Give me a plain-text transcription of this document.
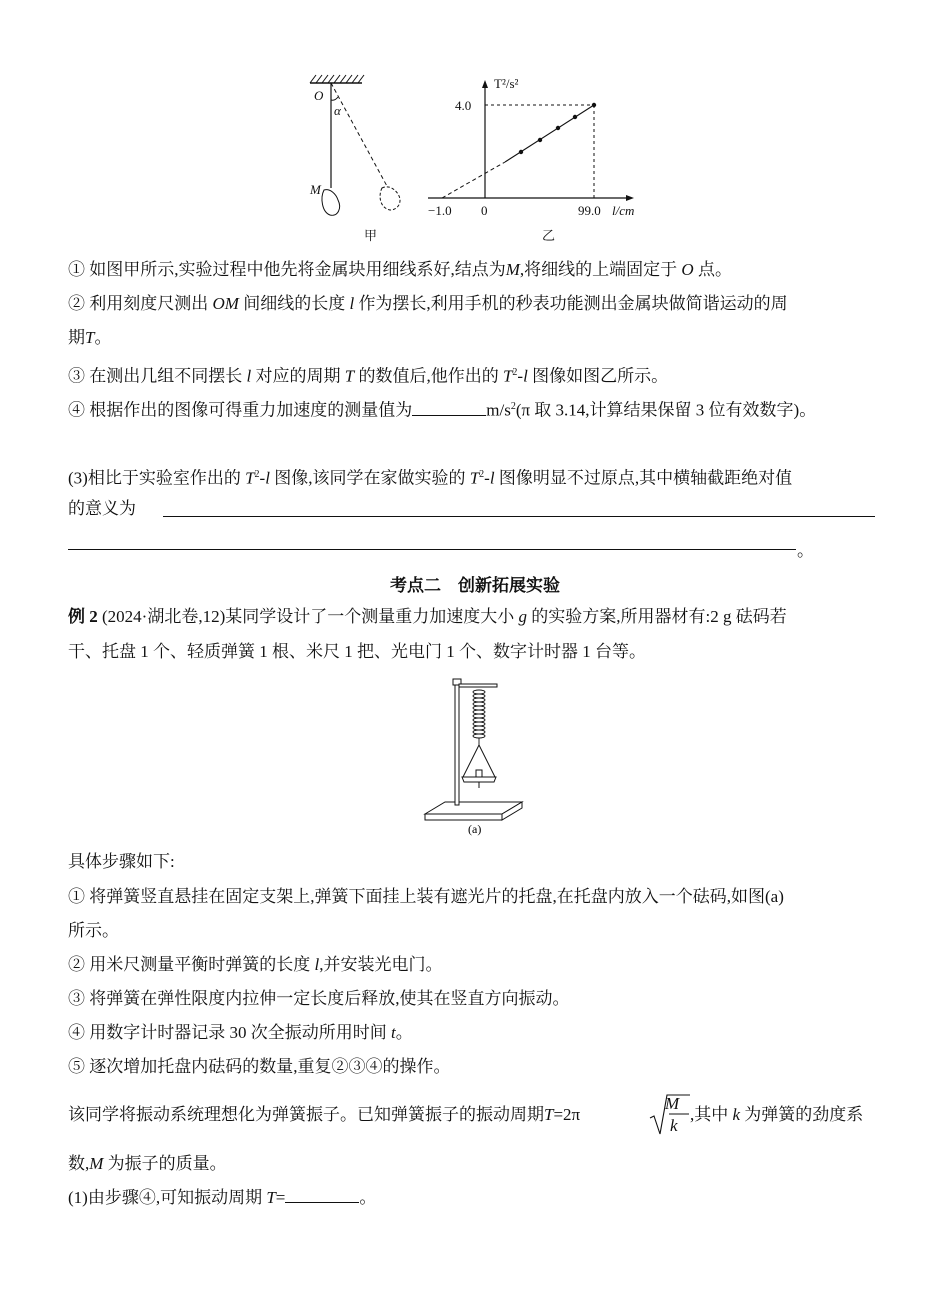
O
α
M
T²/s²
4.0
−1.0 0	99.0 l/cm
甲	乙
① 如图甲所示,实验过程中他先将金属块用细线系好,结点为M,将细线的上端固定于 O 点。
② 利用刻度尺测出 OM 间细线的长度 l 作为摆长,利用手机的秒表功能测出金属块做简谐运动的周
期T。
③ 在测出几组不同摆长 l 对应的周期 T 的数值后,他作出的 $T^2-l$ 图像如图乙所示。
④ 根据作出的图像可得重力加速度的测量值为	$m/s^2(\pi$ 取 3.14,计算结果保留 3 位有效数字)。
(3)相比于实验室作出的 $T^2-l$ 图像,该同学在家做实验的 $T^2-l$ 图像明显不过原点,其中横轴截距绝对值
的意义为
。
考点二　创新拓展实验
例 2 (2024·湖北卷,12)某同学设计了一个测量重力加速度大小 g 的实验方案,所用器材有:2 g 砝码若
干、托盘 1 个、轻质弹簧 1 根、米尺 1 把、光电门 1 个、数字计时器 1 台等。
(a)
具体步骤如下:
① 将弹簧竖直悬挂在固定支架上,弹簧下面挂上装有遮光片的托盘,在托盘内放入一个砝码,如图(a)
所示。
② 用米尺测量平衡时弹簧的长度 l,并安装光电门。
③ 将弹簧在弹性限度内拉伸一定长度后释放,使其在竖直方向振动。
④ 用数字计时器记录 30 次全振动所用时间 t。
⑤ 逐次增加托盘内砝码的数量,重复②③④的操作。
该同学将振动系统理想化为弹簧振子。已知弹簧振子的振动周期T=2π
M
k
,其中 k 为弹簧的劲度系
数,M 为振子的质量。
(1)由步骤④,可知振动周期 T=	。
